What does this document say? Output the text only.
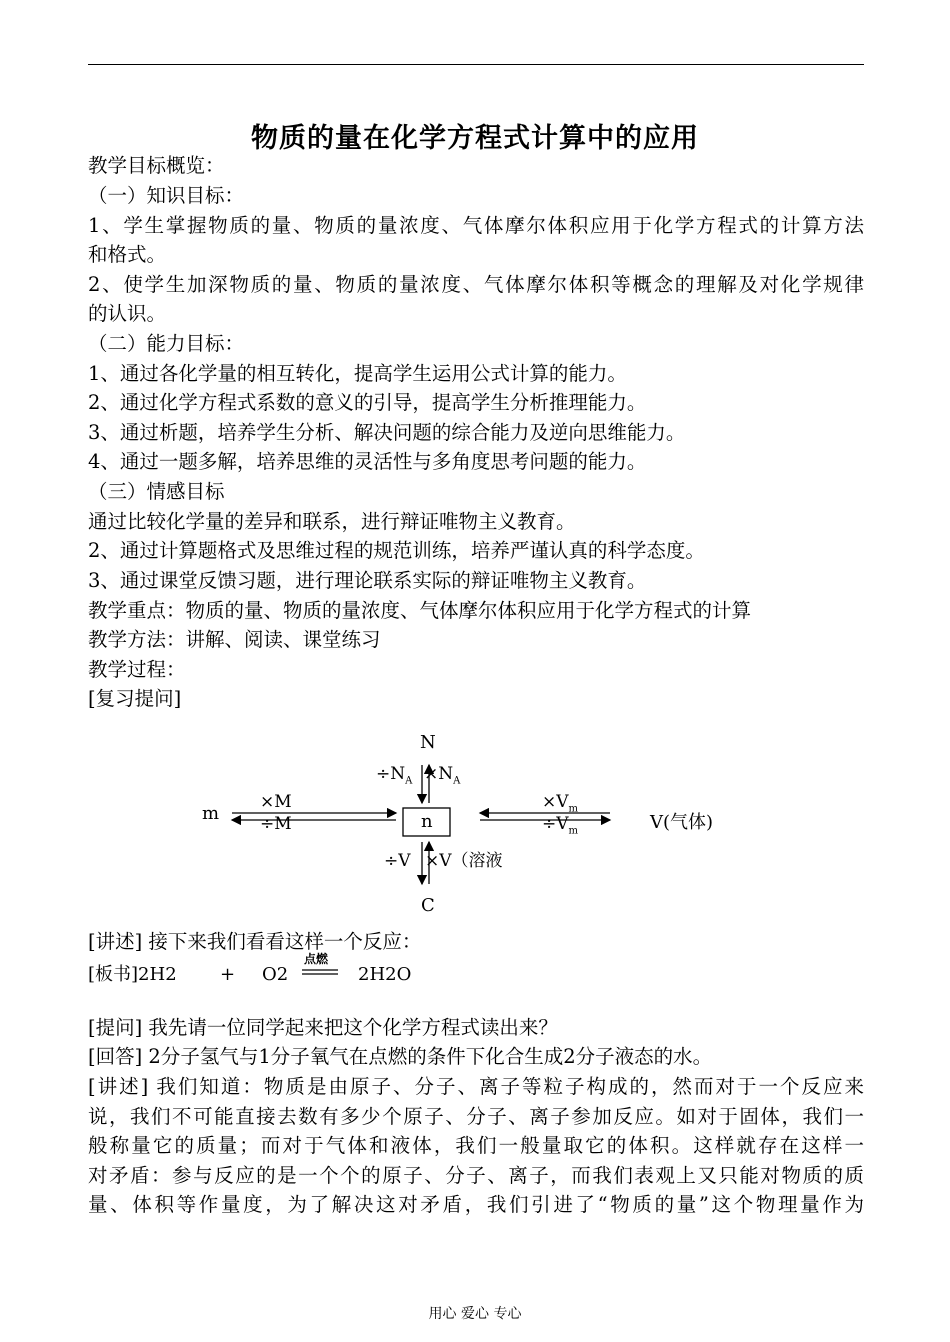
物质的量在化学方程式计算中的应用
教学目标概览：
（一）知识目标：
1、学生掌握物质的量、物质的量浓度、气体摩尔体积应用于化学方程式的计算方法
和格式。
2、使学生加深物质的量、物质的量浓度、气体摩尔体积等概念的理解及对化学规律
的认识。
（二）能力目标：
1、通过各化学量的相互转化，提高学生运用公式计算的能力。
2、通过化学方程式系数的意义的引导，提高学生分析推理能力。
3、通过析题，培养学生分析、解决问题的综合能力及逆向思维能力。
4、通过一题多解，培养思维的灵活性与多角度思考问题的能力。
（三）情感目标
通过比较化学量的差异和联系，进行辩证唯物主义教育。
2、通过计算题格式及思维过程的规范训练，培养严谨认真的科学态度。
3、通过课堂反馈习题，进行理论联系实际的辩证唯物主义教育。
教学重点：物质的量、物质的量浓度、气体摩尔体积应用于化学方程式的计算
教学方法：讲解、阅读、课堂练习
教学过程：
[复习提问]
N
$\div N_A \times N_A$
m
×M
÷M	n
$\times V_m$
$\div V_m$	V(气体)
÷V ×V（溶液
C
[讲述] 接下来我们看看这样一个反应：
[板书]2H2 + O2
点燃
2H2O
[提问] 我先请一位同学起来把这个化学方程式读出来？
[回答] 2分子氢气与1分子氧气在点燃的条件下化合生成2分子液态的水。
[讲述] 我们知道：物质是由原子、分子、离子等粒子构成的，然而对于一个反应来
说，我们不可能直接去数有多少个原子、分子、离子参加反应。如对于固体，我们一
般称量它的质量；而对于气体和液体，我们一般量取它的体积。这样就存在这样一
对矛盾：参与反应的是一个个的原子、分子、离子，而我们表观上又只能对物质的质
量、体积等作量度，为了解决这对矛盾，我们引进了“物质的量”这个物理量作为
用心 爱心 专心
